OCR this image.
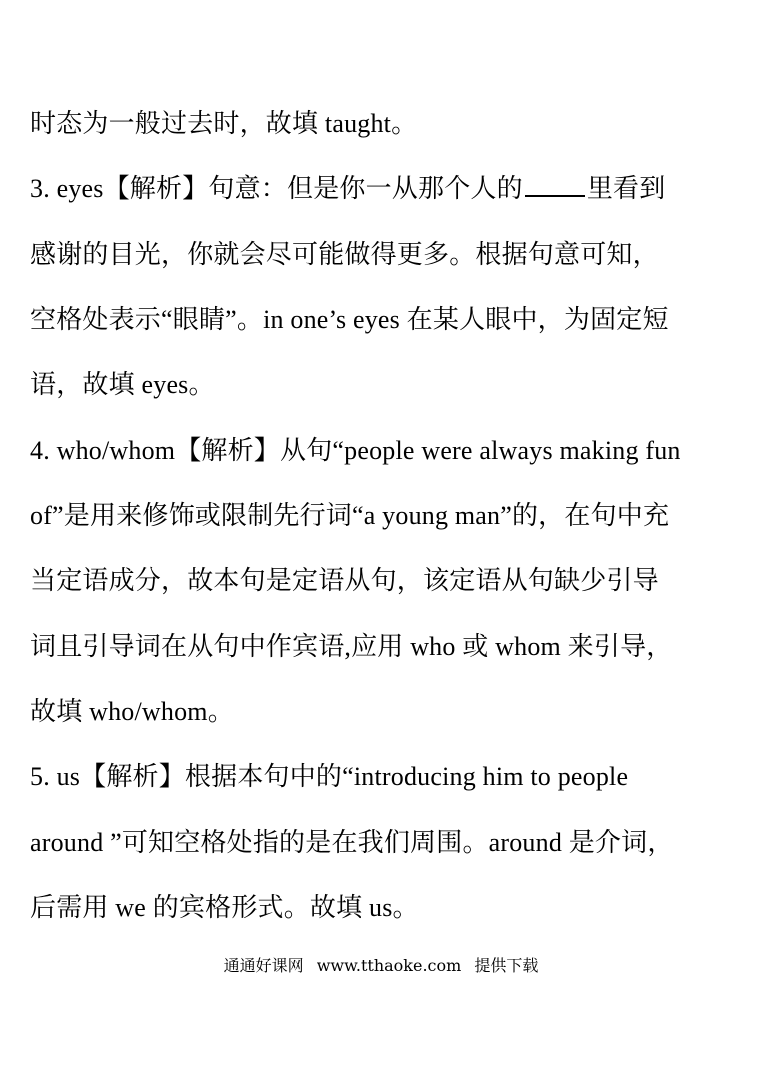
时态为一般过去时，故填 taught。
3. eyes【解析】句意：但是你一从那个人的 里看到
感谢的目光，你就会尽可能做得更多。根据句意可知，
空格处表示“眼睛”。in one’s eyes 在某人眼中，为固定短
语，故填 eyes。
4. who/whom【解析】从句“people were always making fun
of”是用来修饰或限制先行词“a young man”的，在句中充
当定语成分，故本句是定语从句，该定语从句缺少引导
词且引导词在从句中作宾语,应用 who 或 whom 来引导，
故填 who/whom。
5. us【解析】根据本句中的“introducing him to people
around ”可知空格处指的是在我们周围。around 是介词，
后需用 we 的宾格形式。故填 us。
通通好课网 www.tthaoke.com 提供下载
